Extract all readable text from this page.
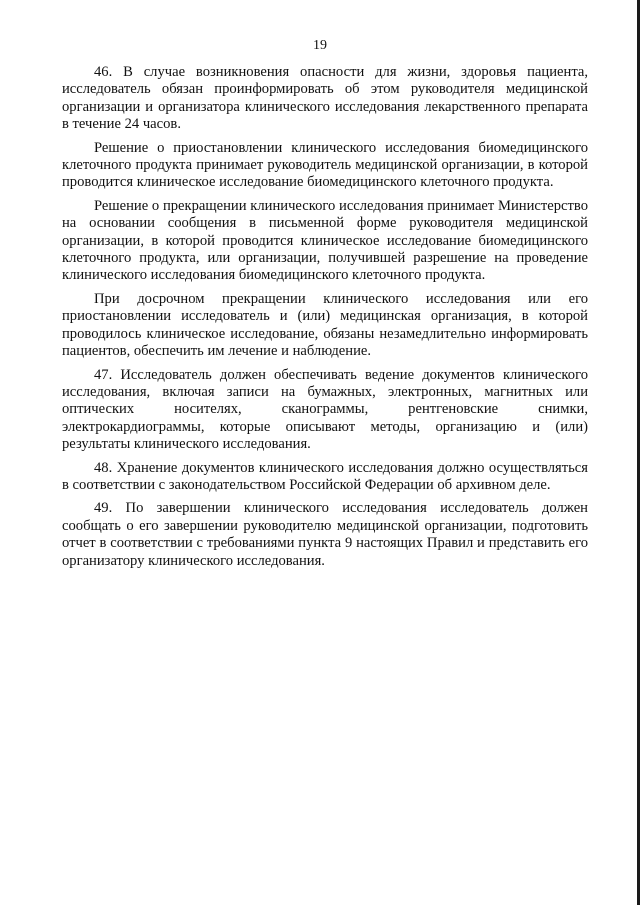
19

46. В случае возникновения опасности для жизни, здоровья пациента, исследователь обязан проинформировать об этом руководителя медицинской организации и организатора клинического исследования лекарственного препарата в течение 24 часов.

Решение о приостановлении клинического исследования биомедицинского клеточного продукта принимает руководитель медицинской организации, в которой проводится клиническое исследование биомедицинского клеточного продукта.

Решение о прекращении клинического исследования принимает Министерство на основании сообщения в письменной форме руководителя медицинской организации, в которой проводится клиническое исследование биомедицинского клеточного продукта, или организации, получившей разрешение на проведение клинического исследования биомедицинского клеточного продукта.

При досрочном прекращении клинического исследования или его приостановлении исследователь и (или) медицинская организация, в которой проводилось клиническое исследование, обязаны незамедлительно информировать пациентов, обеспечить им лечение и наблюдение.

47. Исследователь должен обеспечивать ведение документов клинического исследования, включая записи на бумажных, электронных, магнитных или оптических носителях, сканограммы, рентгеновские снимки, электрокардиограммы, которые описывают методы, организацию и (или) результаты клинического исследования.

48. Хранение документов клинического исследования должно осуществляться в соответствии с законодательством Российской Федерации об архивном деле.

49. По завершении клинического исследования исследователь должен сообщать о его завершении руководителю медицинской организации, подготовить отчет в соответствии с требованиями пункта 9 настоящих Правил и представить его организатору клинического исследования.
